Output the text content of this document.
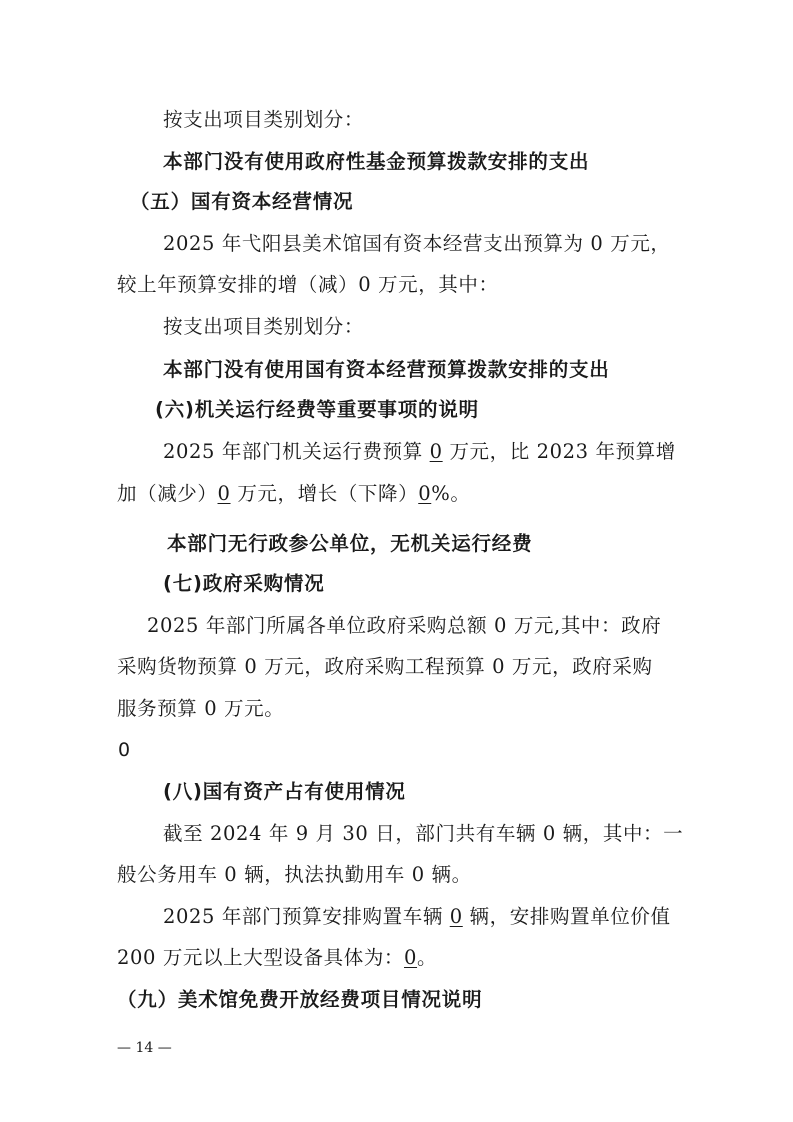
按支出项目类别划分：

本部门没有使用政府性基金预算拨款安排的支出

（五）国有资本经营情况

2025 年弋阳县美术馆国有资本经营支出预算为 0 万元，

较上年预算安排的增（减）0 万元，其中：

按支出项目类别划分：

本部门没有使用国有资本经营预算拨款安排的支出

(六)机关运行经费等重要事项的说明

2025 年部门机关运行费预算 0 万元，比 2023 年预算增

加（减少）0 万元，增长（下降）0%。

本部门无行政参公单位，无机关运行经费

(七)政府采购情况

2025 年部门所属各单位政府采购总额 0 万元,其中：政府

采购货物预算 0 万元，政府采购工程预算 0 万元，政府采购

服务预算 0 万元。

0

(八)国有资产占有使用情况

截至 2024 年 9 月 30 日，部门共有车辆 0 辆，其中：一

般公务用车 0 辆，执法执勤用车 0 辆。

2025 年部门预算安排购置车辆 0 辆，安排购置单位价值

200 万元以上大型设备具体为：0。

（九）美术馆免费开放经费项目情况说明

— 14 —
